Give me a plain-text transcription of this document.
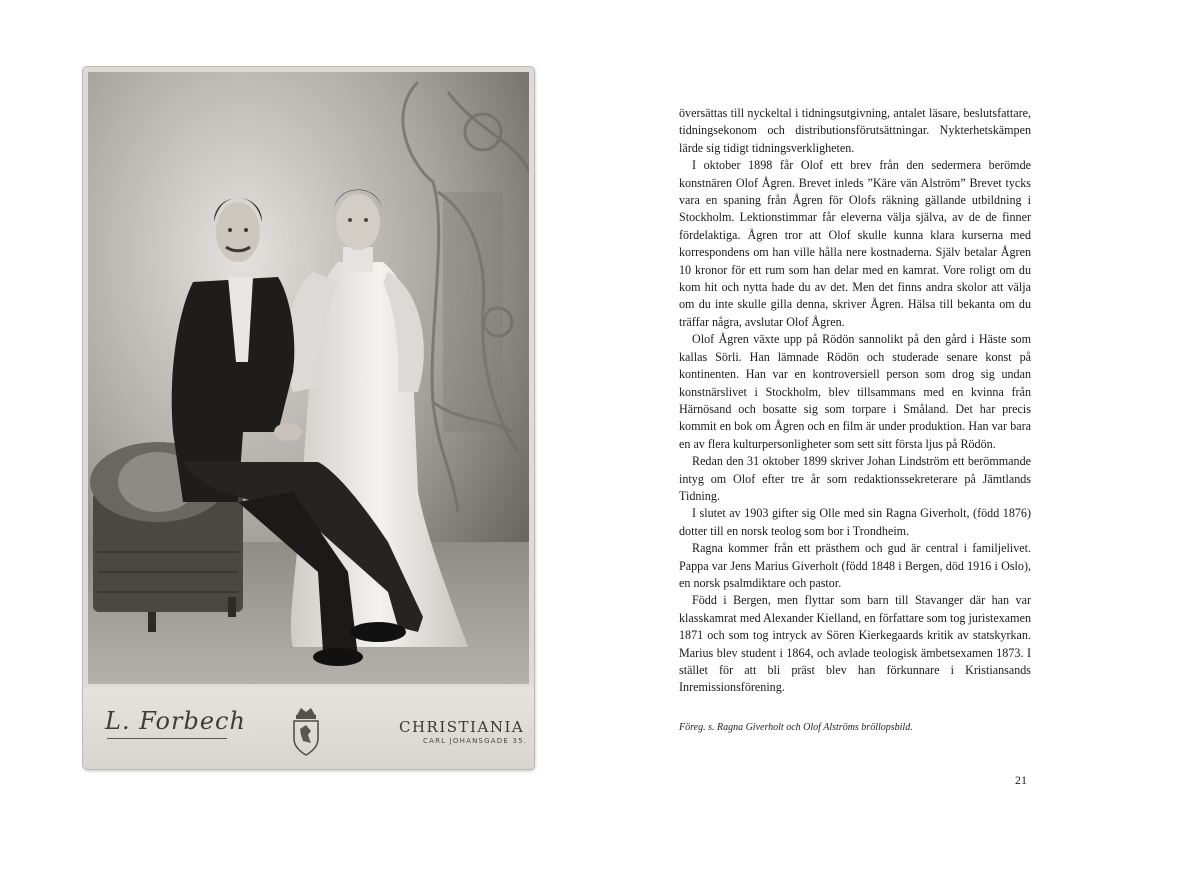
L. Forbech	CHRISTIANIA
CARL JOHANSGADE 35.

översättas till nyckeltal i tidningsutgivning, antalet läsare, beslutsfattare, tidningsekonom och distributionsförutsättningar. Nykterhetskämpen lärde sig tidigt tidningsverkligheten.

I oktober 1898 får Olof ett brev från den sedermera berömde konstnären Olof Ågren. Brevet inleds ”Käre vän Alström” Brevet tycks vara en spaning från Ågren för Olofs räkning gällande utbildning i Stockholm. Lektionstimmar får eleverna välja själva, av de de finner fördelaktiga. Ågren tror att Olof skulle kunna klara kurserna med korrespondens om han ville hålla nere kostnaderna. Själv betalar Ågren 10 kronor för ett rum som han delar med en kamrat. Vore roligt om du kom hit och nytta hade du av det. Men det finns andra skolor att välja om du inte skulle gilla denna, skriver Ågren. Hälsa till bekanta om du träffar några, avslutar Olof Ågren.

Olof Ågren växte upp på Rödön sannolikt på den gård i Häste som kallas Sörli. Han lämnade Rödön och studerade senare konst på kontinenten. Han var en kontroversiell person som drog sig undan konstnärslivet i Stockholm, blev tillsammans med en kvinna från Härnösand och bosatte sig som torpare i Småland. Det har precis kommit en bok om Ågren och en film är under produktion. Han var bara en av flera kulturpersonligheter som sett sitt första ljus på Rödön.

Redan den 31 oktober 1899 skriver Johan Lindström ett berömmande intyg om Olof efter tre år som redaktionssekreterare på Jämtlands Tidning.

I slutet av 1903 gifter sig Olle med sin Ragna Giverholt, (född 1876) dotter till en norsk teolog som bor i Trondheim.

Ragna kommer från ett prästhem och gud är central i familjelivet. Pappa var Jens Marius Giverholt (född 1848 i Bergen, död 1916 i Oslo), en norsk psalmdiktare och pastor.

Född i Bergen, men flyttar som barn till Stavanger där han var klasskamrat med Alexander Kielland, en författare som tog juristexamen 1871 och som tog intryck av Sören Kierkegaards kritik av statskyrkan. Marius blev student i 1864, och avlade teologisk ämbetsexamen 1873. I stället för att bli präst blev han förkunnare i Kristiansands Inremissionsförening.

Föreg. s. Ragna Giverholt och Olof Alströms bröllopsbild.
21
